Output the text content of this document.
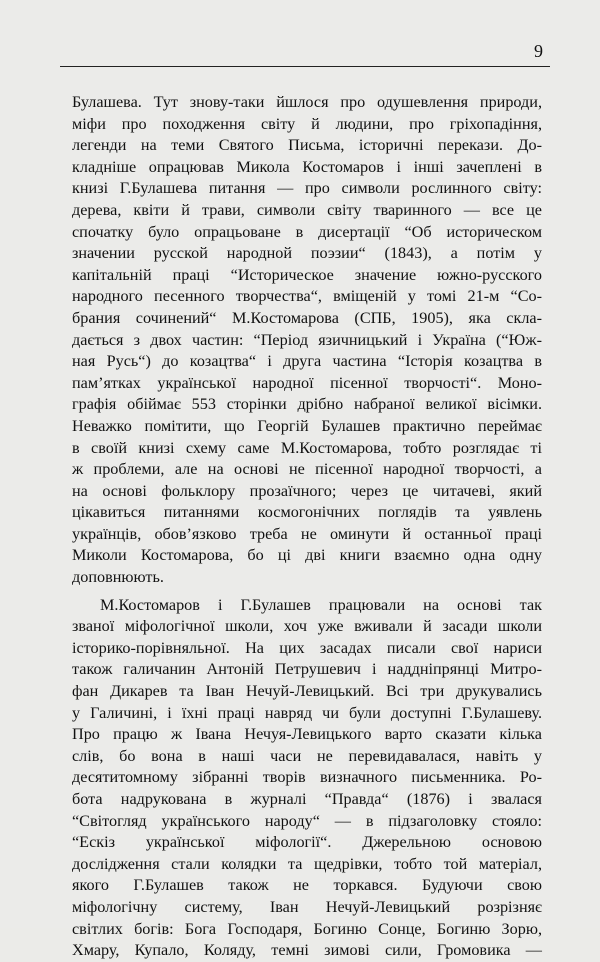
9

Булашева. Тут знову-таки йшлося про одушевлення природи,
міфи про походження світу й людини, про гріхопадіння,
легенди на теми Святого Письма, історичні перекази. До-
кладніше опрацював Микола Костомаров і інші зачеплені в
книзі Г.Булашева питання — про символи рослинного світу:
дерева, квіти й трави, символи світу тваринного — все це
спочатку було опрацьоване в дисертації “Об историческом
значении русской народной поэзии“ (1843), а потім у
капітальній праці “Историческое значение южно-русского
народного песенного творчества“, вміщеній у томі 21-м “Со-
брания сочинений“ М.Костомарова (СПБ, 1905), яка скла-
дається з двох частин: “Період язичницький і Україна (“Юж-
ная Русь“) до козацтва“ і друга частина “Історія козацтва в
пам’ятках української народної пісенної творчості“. Моно-
графія обіймає 553 сторінки дрібно набраної великої вісімки.
Неважко помітити, що Георгій Булашев практично переймає
в своїй книзі схему саме М.Костомарова, тобто розглядає ті
ж проблеми, але на основі не пісенної народної творчості, а
на основі фольклору прозаїчного; через це читачеві, який
цікавиться питаннями космогонічних поглядів та уявлень
українців, обов’язково треба не оминути й останньої праці
Миколи Костомарова, бо ці дві книги взаємно одна одну
доповнюють.

М.Костомаров і Г.Булашев працювали на основі так
званої міфологічної школи, хоч уже вживали й засади школи
історико-порівняльної. На цих засадах писали свої нариси
також галичанин Антоній Петрушевич і наддніпрянці Митро-
фан Дикарев та Іван Нечуй-Левицький. Всі три друкувались
у Галичині, і їхні праці навряд чи були доступні Г.Булашеву.
Про працю ж Івана Нечуя-Левицького варто сказати кілька
слів, бо вона в наші часи не перевидавалася, навіть у
десятитомному зібранні творів визначного письменника. Ро-
бота надрукована в журналі “Правда“ (1876) і звалася
“Світогляд українського народу“ — в підзаголовку стояло:
“Ескіз української міфології“. Джерельною основою
дослідження стали колядки та щедрівки, тобто той матеріал,
якого Г.Булашев також не торкався. Будуючи свою
міфологічну систему, Іван Нечуй-Левицький розрізняє
світлих богів: Бога Господаря, Богиню Сонце, Богиню Зорю,
Хмару, Купало, Коляду, темні зимові сили, Громовика —
